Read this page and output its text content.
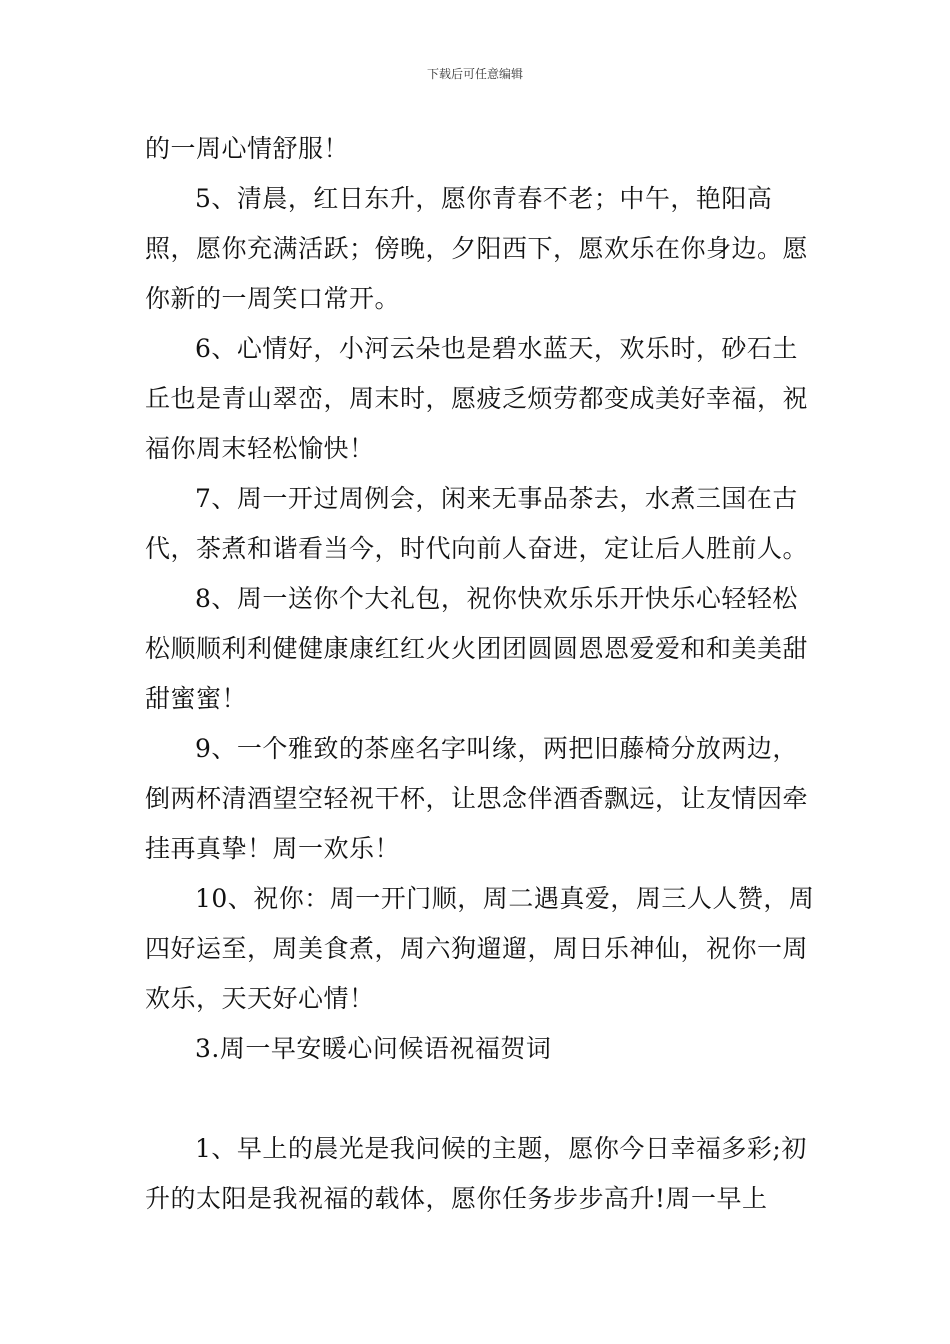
下载后可任意编辑

的一周心情舒服！

5、清晨，红日东升，愿你青春不老；中午，艳阳高照，愿你充满活跃；傍晚，夕阳西下，愿欢乐在你身边。愿你新的一周笑口常开。

6、心情好，小河云朵也是碧水蓝天，欢乐时，砂石土丘也是青山翠峦，周末时，愿疲乏烦劳都变成美好幸福，祝福你周末轻松愉快！

7、周一开过周例会，闲来无事品茶去，水煮三国在古代，茶煮和谐看当今，时代向前人奋进，定让后人胜前人。

8、周一送你个大礼包，祝你快欢乐乐开快乐心轻轻松松顺顺利利健健康康红红火火团团圆圆恩恩爱爱和和美美甜甜蜜蜜！

9、一个雅致的茶座名字叫缘，两把旧藤椅分放两边，倒两杯清酒望空轻祝干杯，让思念伴酒香飘远，让友情因牵挂再真挚！周一欢乐！

10、祝你：周一开门顺，周二遇真爱，周三人人赞，周四好运至，周美食煮，周六狗遛遛，周日乐神仙，祝你一周欢乐，天天好心情！

3.周一早安暖心问候语祝福贺词

1、早上的晨光是我问候的主题，愿你今日幸福多彩;初升的太阳是我祝福的载体，愿你任务步步高升!周一早上
